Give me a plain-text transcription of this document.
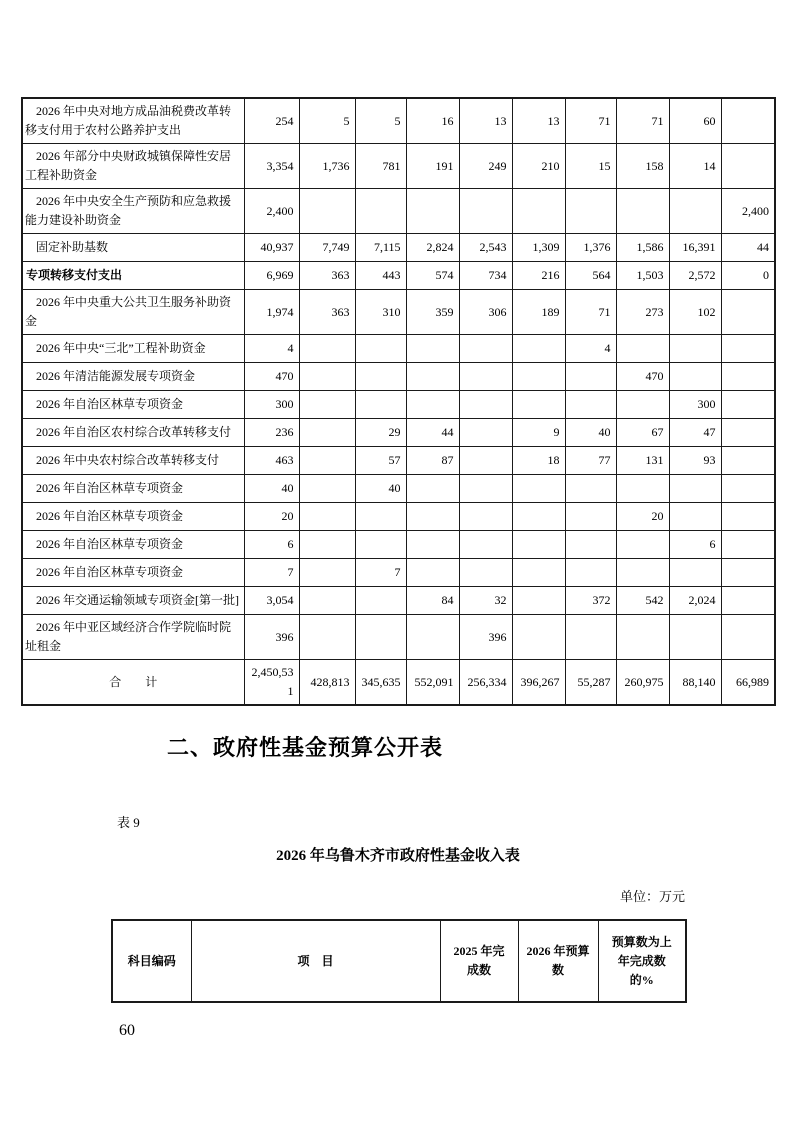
2026 年中央对地方成品油税费改革转移支付用于农村公路养护支出	254	5	5	16	13	13	71	71	60	
2026 年部分中央财政城镇保障性安居工程补助资金	3,354	1,736	781	191	249	210	15	158	14	
2026 年中央安全生产预防和应急救援能力建设补助资金	2,400									2,400
固定补助基数	40,937	7,749	7,115	2,824	2,543	1,309	1,376	1,586	16,391	44
专项转移支付支出	6,969	363	443	574	734	216	564	1,503	2,572	0
2026 年中央重大公共卫生服务补助资金	1,974	363	310	359	306	189	71	273	102	
2026 年中央“三北”工程补助资金	4						4			
2026 年清洁能源发展专项资金	470							470		
2026 年自治区林草专项资金	300								300	
2026 年自治区农村综合改革转移支付	236		29	44		9	40	67	47	
2026 年中央农村综合改革转移支付	463		57	87		18	77	131	93	
2026 年自治区林草专项资金	40		40							
2026 年自治区林草专项资金	20							20		
2026 年自治区林草专项资金	6								6	
2026 年自治区林草专项资金	7		7							
2026 年交通运输领域专项资金[第一批]	3,054			84	32		372	542	2,024	
2026 年中亚区域经济合作学院临时院址租金	396				396					
合　　计	2,450,531	428,813	345,635	552,091	256,334	396,267	55,287	260,975	88,140	66,989
二、政府性基金预算公开表
表 9
2026 年乌鲁木齐市政府性基金收入表
单位：万元
科目编码	项　目	2025 年完成数	2026 年预算数	预算数为上年完成数的%
60
